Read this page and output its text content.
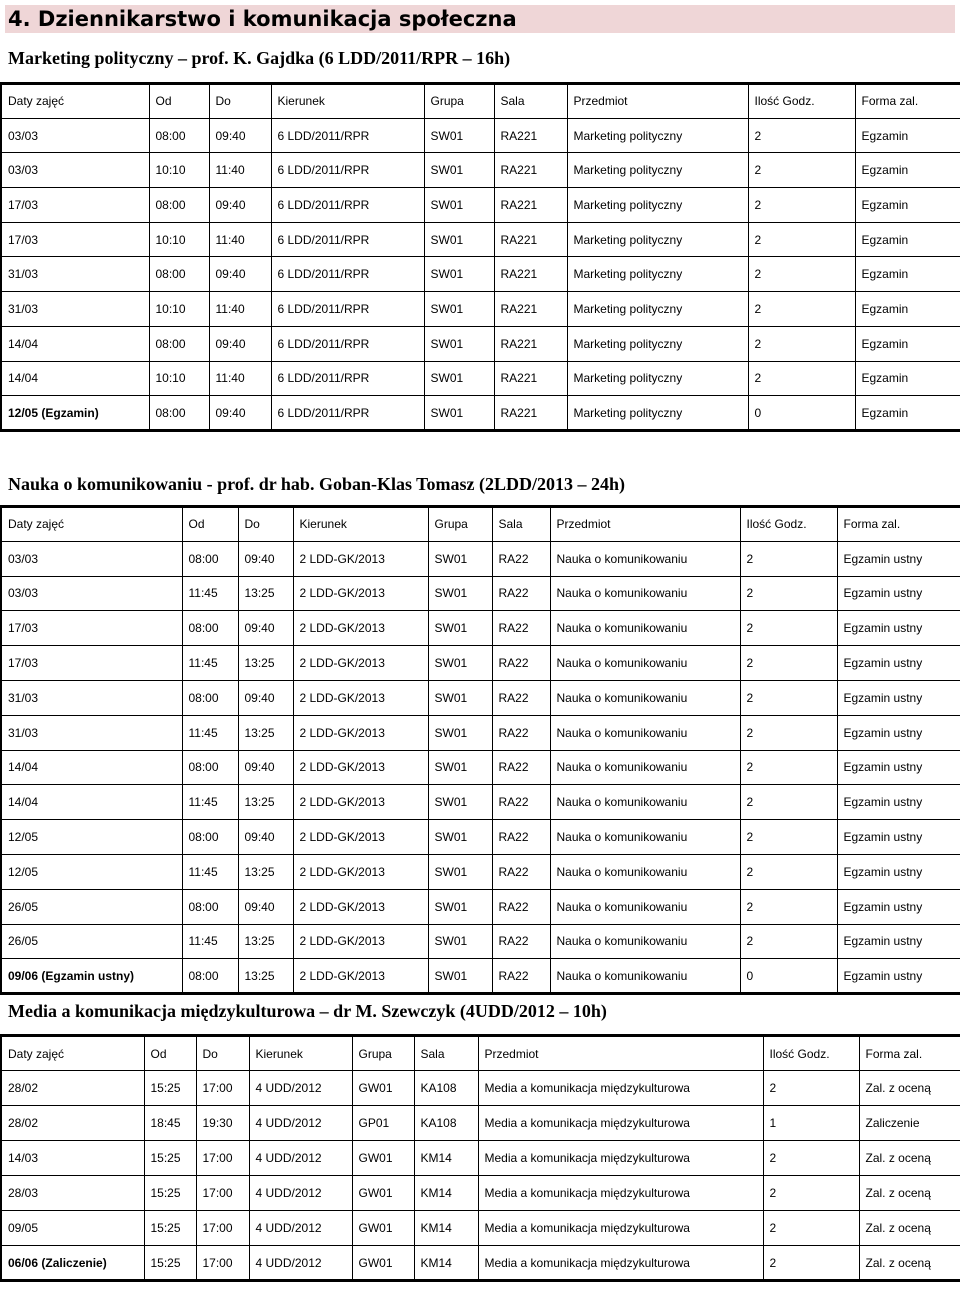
4. Dziennikarstwo i komunikacja społeczna
Marketing polityczny – prof. K. Gajdka (6 LDD/2011/RPR – 16h)
Daty zajęć	Od	Do	Kierunek	Grupa	Sala	Przedmiot	Ilość Godz.	Forma zal.
03/03	08:00	09:40	6 LDD/2011/RPR	SW01	RA221	Marketing polityczny	2	Egzamin
03/03	10:10	11:40	6 LDD/2011/RPR	SW01	RA221	Marketing polityczny	2	Egzamin
17/03	08:00	09:40	6 LDD/2011/RPR	SW01	RA221	Marketing polityczny	2	Egzamin
17/03	10:10	11:40	6 LDD/2011/RPR	SW01	RA221	Marketing polityczny	2	Egzamin
31/03	08:00	09:40	6 LDD/2011/RPR	SW01	RA221	Marketing polityczny	2	Egzamin
31/03	10:10	11:40	6 LDD/2011/RPR	SW01	RA221	Marketing polityczny	2	Egzamin
14/04	08:00	09:40	6 LDD/2011/RPR	SW01	RA221	Marketing polityczny	2	Egzamin
14/04	10:10	11:40	6 LDD/2011/RPR	SW01	RA221	Marketing polityczny	2	Egzamin
12/05 (Egzamin)	08:00	09:40	6 LDD/2011/RPR	SW01	RA221	Marketing polityczny	0	Egzamin
Nauka o komunikowaniu - prof. dr hab. Goban-Klas Tomasz (2LDD/2013 – 24h)
Daty zajęć	Od	Do	Kierunek	Grupa	Sala	Przedmiot	Ilość Godz.	Forma zal.
03/03	08:00	09:40	2 LDD-GK/2013	SW01	RA22	Nauka o komunikowaniu	2	Egzamin ustny
03/03	11:45	13:25	2 LDD-GK/2013	SW01	RA22	Nauka o komunikowaniu	2	Egzamin ustny
17/03	08:00	09:40	2 LDD-GK/2013	SW01	RA22	Nauka o komunikowaniu	2	Egzamin ustny
17/03	11:45	13:25	2 LDD-GK/2013	SW01	RA22	Nauka o komunikowaniu	2	Egzamin ustny
31/03	08:00	09:40	2 LDD-GK/2013	SW01	RA22	Nauka o komunikowaniu	2	Egzamin ustny
31/03	11:45	13:25	2 LDD-GK/2013	SW01	RA22	Nauka o komunikowaniu	2	Egzamin ustny
14/04	08:00	09:40	2 LDD-GK/2013	SW01	RA22	Nauka o komunikowaniu	2	Egzamin ustny
14/04	11:45	13:25	2 LDD-GK/2013	SW01	RA22	Nauka o komunikowaniu	2	Egzamin ustny
12/05	08:00	09:40	2 LDD-GK/2013	SW01	RA22	Nauka o komunikowaniu	2	Egzamin ustny
12/05	11:45	13:25	2 LDD-GK/2013	SW01	RA22	Nauka o komunikowaniu	2	Egzamin ustny
26/05	08:00	09:40	2 LDD-GK/2013	SW01	RA22	Nauka o komunikowaniu	2	Egzamin ustny
26/05	11:45	13:25	2 LDD-GK/2013	SW01	RA22	Nauka o komunikowaniu	2	Egzamin ustny
09/06 (Egzamin ustny)	08:00	13:25	2 LDD-GK/2013	SW01	RA22	Nauka o komunikowaniu	0	Egzamin ustny
Media a komunikacja międzykulturowa – dr M. Szewczyk (4UDD/2012 – 10h)
Daty zajęć	Od	Do	Kierunek	Grupa	Sala	Przedmiot	Ilość Godz.	Forma zal.
28/02	15:25	17:00	4 UDD/2012	GW01	KA108	Media a komunikacja międzykulturowa	2	Zal. z oceną
28/02	18:45	19:30	4 UDD/2012	GP01	KA108	Media a komunikacja międzykulturowa	1	Zaliczenie
14/03	15:25	17:00	4 UDD/2012	GW01	KM14	Media a komunikacja międzykulturowa	2	Zal. z oceną
28/03	15:25	17:00	4 UDD/2012	GW01	KM14	Media a komunikacja międzykulturowa	2	Zal. z oceną
09/05	15:25	17:00	4 UDD/2012	GW01	KM14	Media a komunikacja międzykulturowa	2	Zal. z oceną
06/06 (Zaliczenie)	15:25	17:00	4 UDD/2012	GW01	KM14	Media a komunikacja międzykulturowa	2	Zal. z oceną
